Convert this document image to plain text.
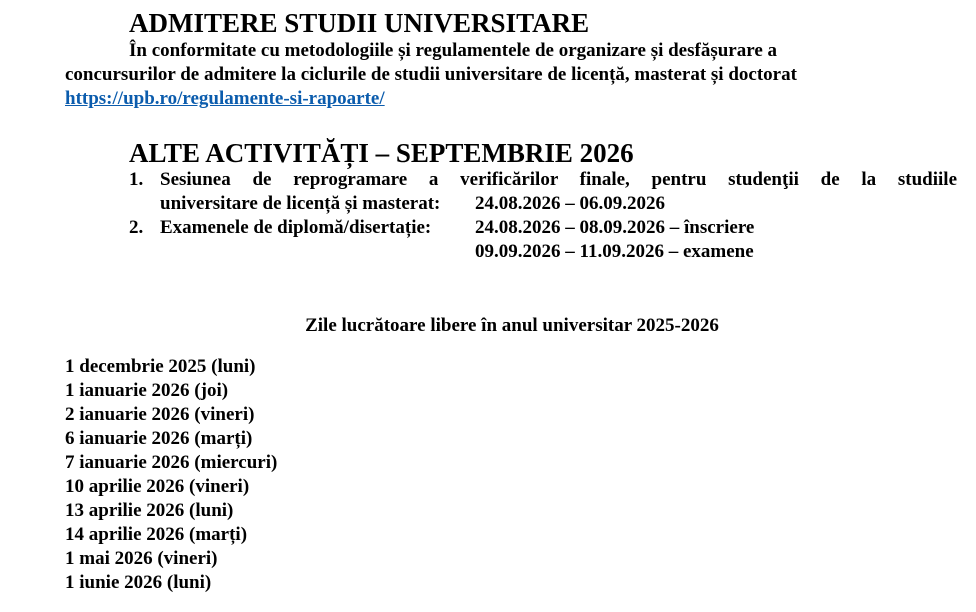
ADMITERE STUDII UNIVERSITARE
În conformitate cu metodologiile și regulamentele de organizare și desfășurare a
concursurilor de admitere la ciclurile de studii universitare de licență, masterat și doctorat
https://upb.ro/regulamente-si-rapoarte/
ALTE ACTIVITĂȚI – SEPTEMBRIE 2026
1. Sesiunea de reprogramare a verificărilor finale, pentru studenţii de la studiile
universitare de licență și masterat: 24.08.2026 – 06.09.2026
2. Examenele de diplomă/disertație: 24.08.2026 – 08.09.2026 – înscriere
09.09.2026 – 11.09.2026 – examene
Zile lucrătoare libere în anul universitar 2025-2026
1 decembrie 2025 (luni)
1 ianuarie 2026 (joi)
2 ianuarie 2026 (vineri)
6 ianuarie 2026 (marți)
7 ianuarie 2026 (miercuri)
10 aprilie 2026 (vineri)
13 aprilie 2026 (luni)
14 aprilie 2026 (marți)
1 mai 2026 (vineri)
1 iunie 2026 (luni)
